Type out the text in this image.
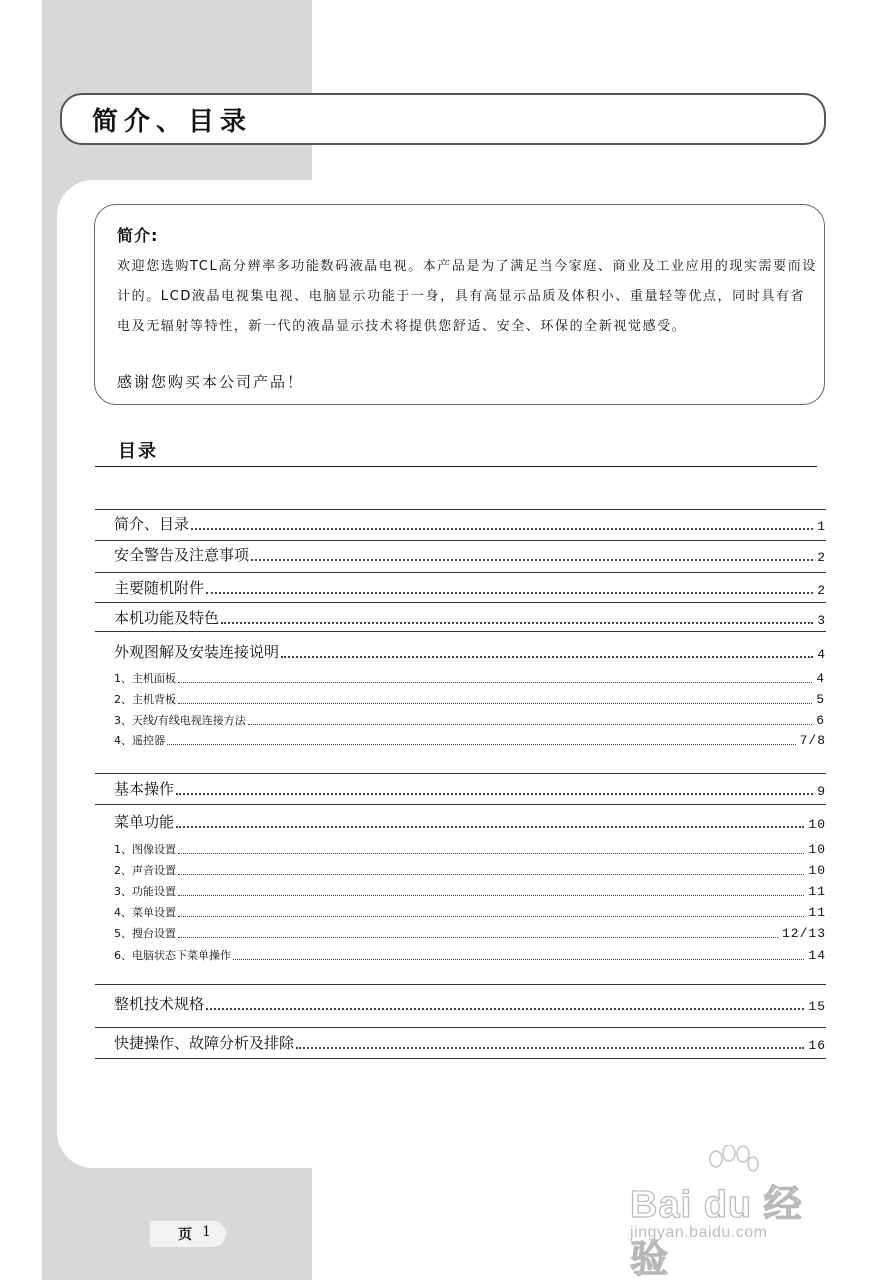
简介、目录
简介:
欢迎您选购TCL高分辨率多功能数码液晶电视。本产品是为了满足当今家庭、商业及工业应用的现实需要而设计的。LCD液晶电视集电视、电脑显示功能于一身，具有高显示品质及体积小、重量轻等优点，同时具有省电及无辐射等特性，新一代的液晶显示技术将提供您舒适、安全、环保的全新视觉感受。
感谢您购买本公司产品！
目录
简介、目录	1
安全警告及注意事项	2
主要随机附件	2
本机功能及特色	3
外观图解及安装连接说明	4
1、主机面板	4
2、主机背板	5
3、天线/有线电视连接方法	6
4、遥控器	7/8
基本操作	9
菜单功能	10
1、图像设置	10
2、声音设置	10
3、功能设置	11
4、菜单设置	11
5、搜台设置	12/13
6、电脑状态下菜单操作	14
整机技术规格	15
快捷操作、故障分析及排除	16
页 1
Bai du 经验
jingyan.baidu.com
